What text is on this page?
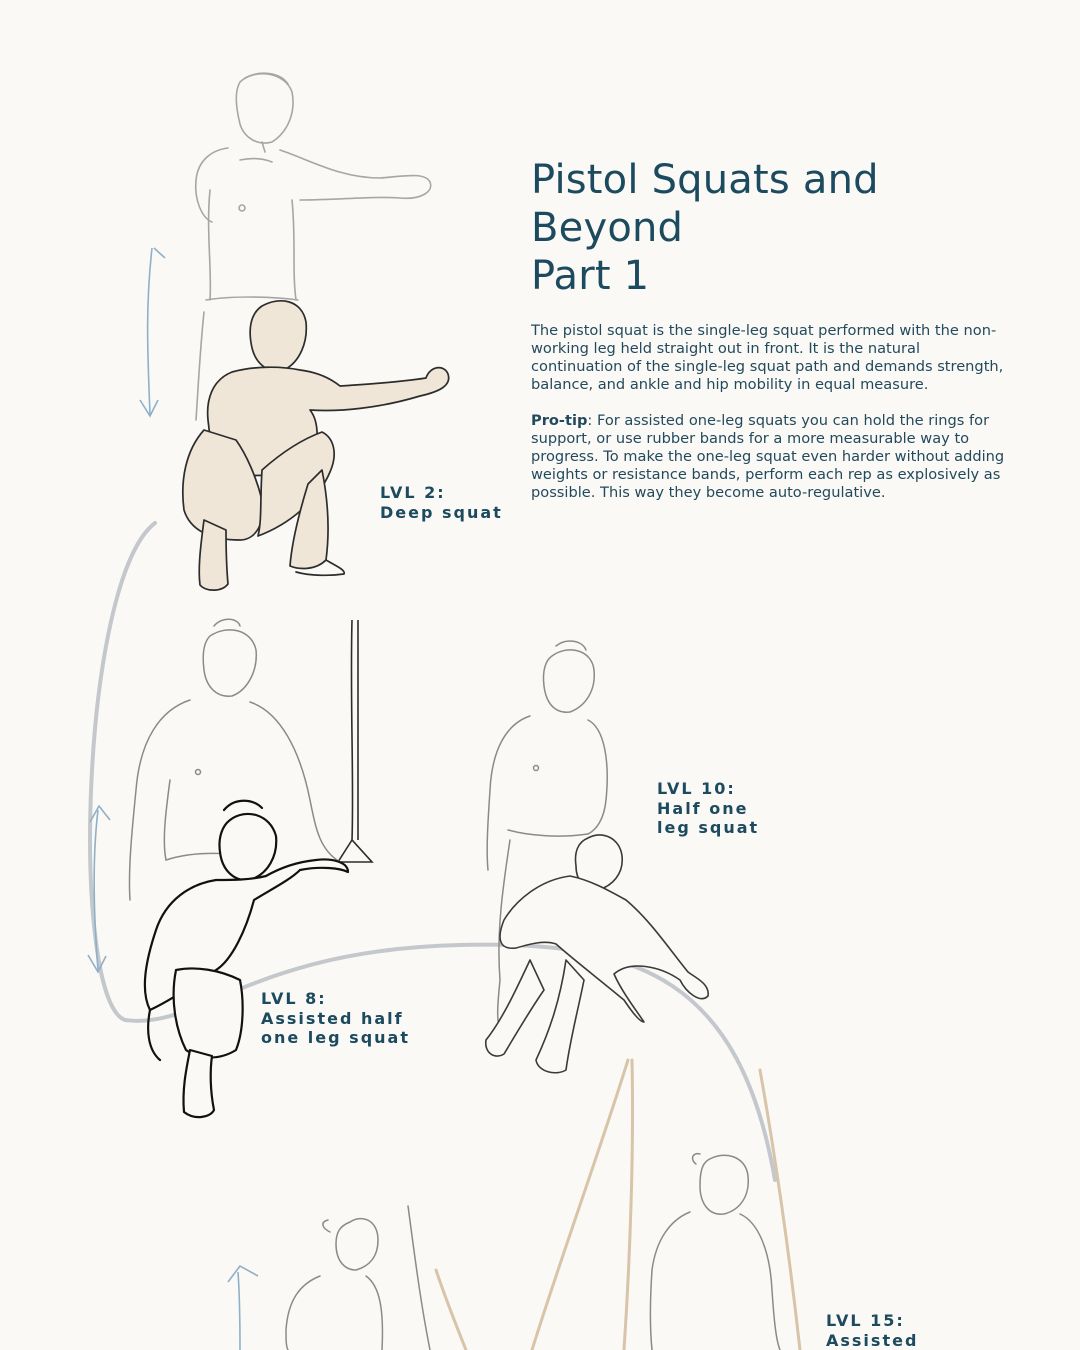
Pistol Squats and
Beyond
Part 1

The pistol squat is the single-leg squat performed with the non-working leg held straight out in front. It is the natural continuation of the single-leg squat path and demands strength, balance, and ankle and hip mobility in equal measure.

Pro-tip: For assisted one-leg squats you can hold the rings for support, or use rubber bands for a more measurable way to progress. To make the one-leg squat even harder without adding weights or resistance bands, perform each rep as explosively as possible. This way they become auto-regulative.

LVL 2:
Deep squat
LVL 8:
Assisted half
one leg squat
LVL 10:
Half one
leg squat
LVL 15:
Assisted
